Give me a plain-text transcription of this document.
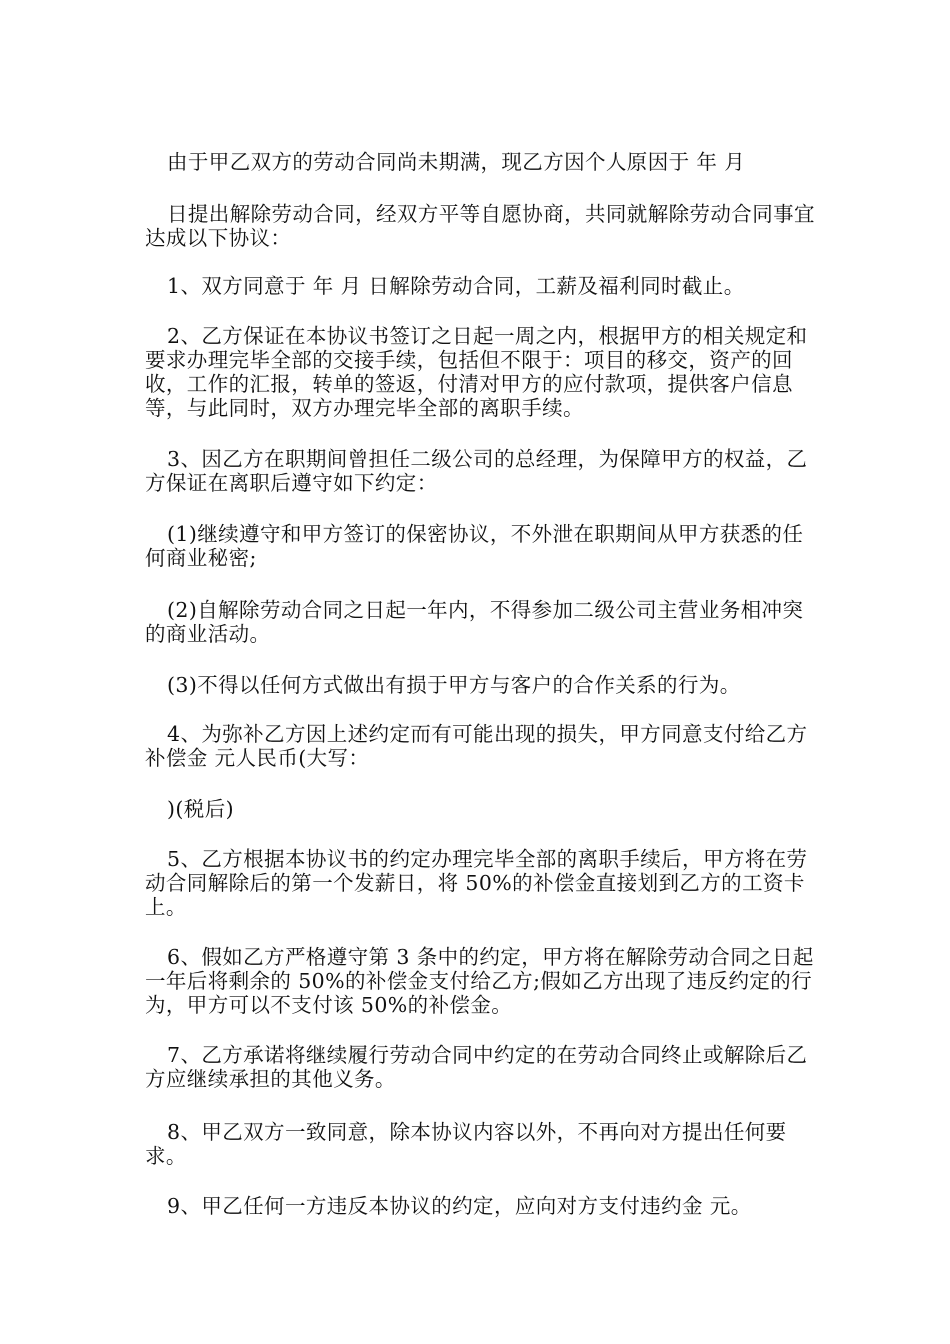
由于甲乙双方的劳动合同尚未期满，现乙方因个人原因于 年 月

日提出解除劳动合同，经双方平等自愿协商，共同就解除劳动合同事宜达成以下协议：

1、双方同意于 年 月 日解除劳动合同，工薪及福利同时截止。

2、乙方保证在本协议书签订之日起一周之内，根据甲方的相关规定和要求办理完毕全部的交接手续，包括但不限于：项目的移交，资产的回收，工作的汇报，转单的签返，付清对甲方的应付款项，提供客户信息等，与此同时，双方办理完毕全部的离职手续。

3、因乙方在职期间曾担任二级公司的总经理，为保障甲方的权益，乙方保证在离职后遵守如下约定：

(1)继续遵守和甲方签订的保密协议，不外泄在职期间从甲方获悉的任何商业秘密;

(2)自解除劳动合同之日起一年内，不得参加二级公司主营业务相冲突的商业活动。

(3)不得以任何方式做出有损于甲方与客户的合作关系的行为。

4、为弥补乙方因上述约定而有可能出现的损失，甲方同意支付给乙方补偿金 元人民币(大写：

)(税后)

5、乙方根据本协议书的约定办理完毕全部的离职手续后，甲方将在劳动合同解除后的第一个发薪日，将 50%的补偿金直接划到乙方的工资卡上。

6、假如乙方严格遵守第 3 条中的约定，甲方将在解除劳动合同之日起一年后将剩余的 50%的补偿金支付给乙方;假如乙方出现了违反约定的行为，甲方可以不支付该 50%的补偿金。

7、乙方承诺将继续履行劳动合同中约定的在劳动合同终止或解除后乙方应继续承担的其他义务。

8、甲乙双方一致同意，除本协议内容以外，不再向对方提出任何要求。

9、甲乙任何一方违反本协议的约定，应向对方支付违约金 元。
